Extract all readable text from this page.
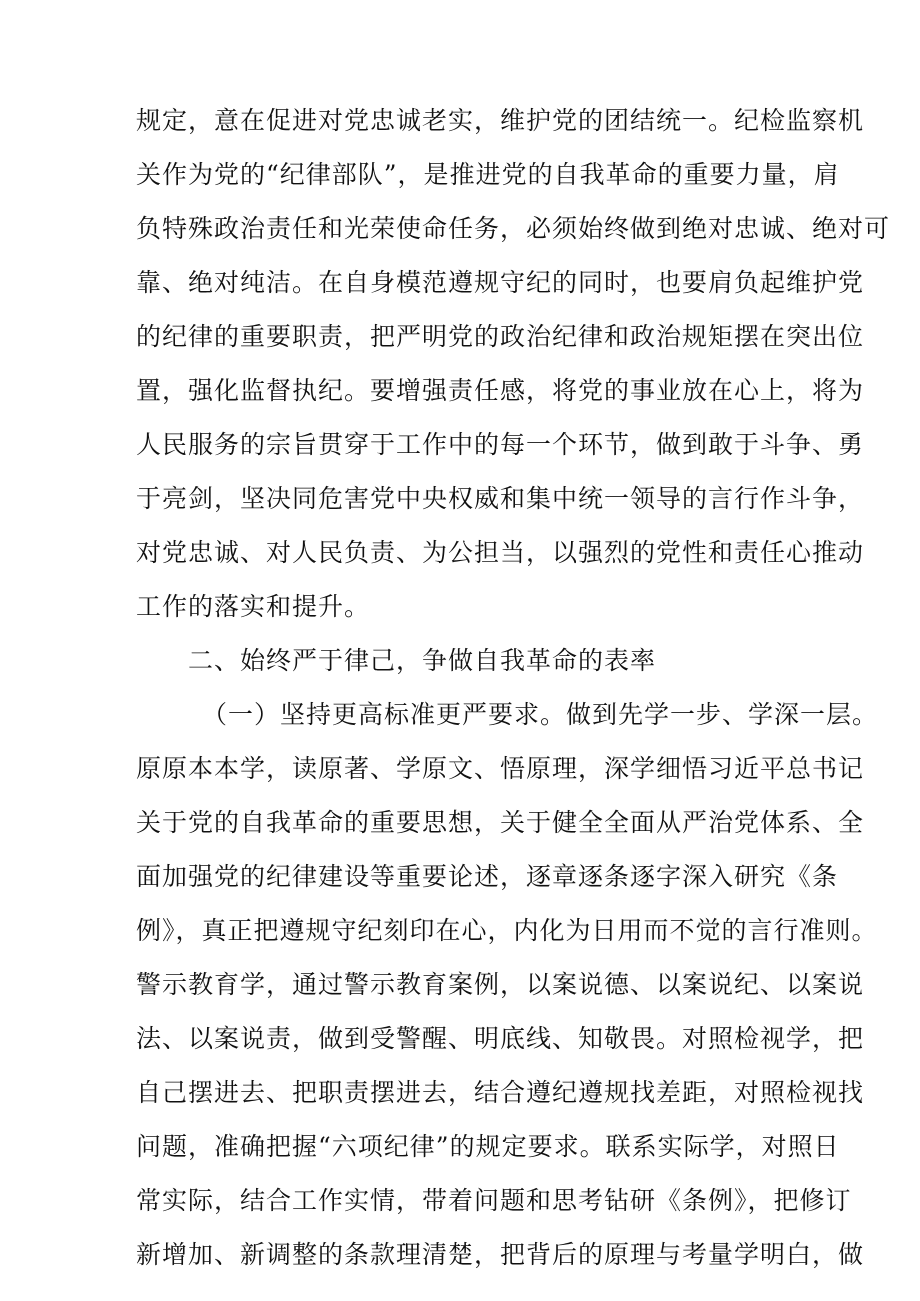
规定，意在促进对党忠诚老实，维护党的团结统一。纪检监察机
关作为党的“纪律部队”，是推进党的自我革命的重要力量，肩
负特殊政治责任和光荣使命任务，必须始终做到绝对忠诚、绝对可
靠、绝对纯洁。在自身模范遵规守纪的同时，也要肩负起维护党
的纪律的重要职责，把严明党的政治纪律和政治规矩摆在突出位
置，强化监督执纪。要增强责任感，将党的事业放在心上，将为
人民服务的宗旨贯穿于工作中的每一个环节，做到敢于斗争、勇
于亮剑，坚决同危害党中央权威和集中统一领导的言行作斗争，
对党忠诚、对人民负责、为公担当，以强烈的党性和责任心推动
工作的落实和提升。
二、始终严于律己，争做自我革命的表率
（一）坚持更高标准更严要求。做到先学一步、学深一层。
原原本本学，读原著、学原文、悟原理，深学细悟习近平总书记
关于党的自我革命的重要思想，关于健全全面从严治党体系、全
面加强党的纪律建设等重要论述，逐章逐条逐字深入研究《条
例》，真正把遵规守纪刻印在心，内化为日用而不觉的言行准则。
警示教育学，通过警示教育案例，以案说德、以案说纪、以案说
法、以案说责，做到受警醒、明底线、知敬畏。对照检视学，把
自己摆进去、把职责摆进去，结合遵纪遵规找差距，对照检视找
问题，准确把握“六项纪律”的规定要求。联系实际学，对照日
常实际，结合工作实情，带着问题和思考钻研《条例》，把修订
新增加、新调整的条款理清楚，把背后的原理与考量学明白，做
